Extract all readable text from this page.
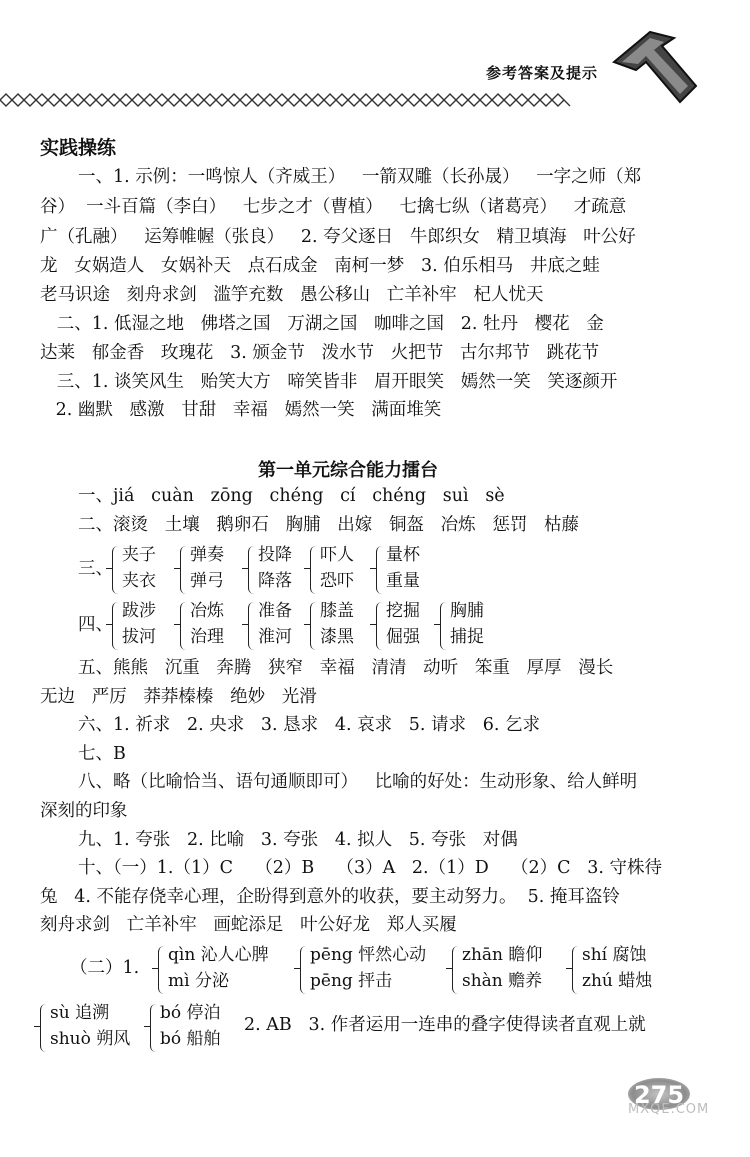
参考答案及提示
实践操练
一、1. 示例：一鸣惊人（齐威王）   一箭双雕（长孙晟）   一字之师（郑
谷）  一斗百篇（李白）   七步之才（曹植）   七擒七纵（诸葛亮）   才疏意
广（孔融）   运筹帷幄（张良）   2. 夸父逐日   牛郎织女   精卫填海   叶公好
龙   女娲造人   女娲补天   点石成金   南柯一梦   3. 伯乐相马   井底之蛙
老马识途   刻舟求剑   滥竽充数   愚公移山   亡羊补牢   杞人忧天
二、1. 低湿之地   佛塔之国   万湖之国   咖啡之国   2. 牡丹   樱花   金
达莱   郁金香   玫瑰花   3. 颁金节   泼水节   火把节   古尔邦节   跳花节
三、1. 谈笑风生   贻笑大方   啼笑皆非   眉开眼笑   嫣然一笑   笑逐颜开
2. 幽默   感激   甘甜   幸福   嫣然一笑   满面堆笑
第一单元综合能力擂台
一、jiá   cuàn   zōng   chéng   cí   chéng   suì   sè
二、滚烫   土壤   鹅卵石   胸脯   出嫁   铜盔   冶炼   惩罚   枯藤
三、
夹子
夹衣
弹奏
弹弓
投降
降落
吓人
恐吓
量杯
重量
四、
跋涉
拔河
冶炼
治理
准备
淮河
膝盖
漆黑
挖掘
倔强
胸脯
捕捉
五、熊熊   沉重   奔腾   狭窄   幸福   清清   动听   笨重   厚厚   漫长
无边   严厉   莽莽榛榛   绝妙   光滑
六、1. 祈求   2. 央求   3. 恳求   4. 哀求   5. 请求   6. 乞求
七、B
八、略（比喻恰当、语句通顺即可）   比喻的好处：生动形象、给人鲜明
深刻的印象
九、1. 夸张   2. 比喻   3. 夸张   4. 拟人   5. 夸张   对偶
十、（一）1.（1）C    （2）B    （3）A   2.（1）D    （2）C   3. 守株待
兔   4. 不能存侥幸心理，企盼得到意外的收获，要主动努力。  5. 掩耳盗铃
刻舟求剑   亡羊补牢   画蛇添足   叶公好龙   郑人买履
（二）1.
qìn 沁人心脾
mì 分泌
pēng 怦然心动
pēng 抨击
zhān 瞻仰
shàn 赡养
shí 腐蚀
zhú 蜡烛
sù 追溯
shuò 朔风
bó 停泊
bó 船舶
2. AB   3. 作者运用一连串的叠字使得读者直观上就
275
MXQE.COM
